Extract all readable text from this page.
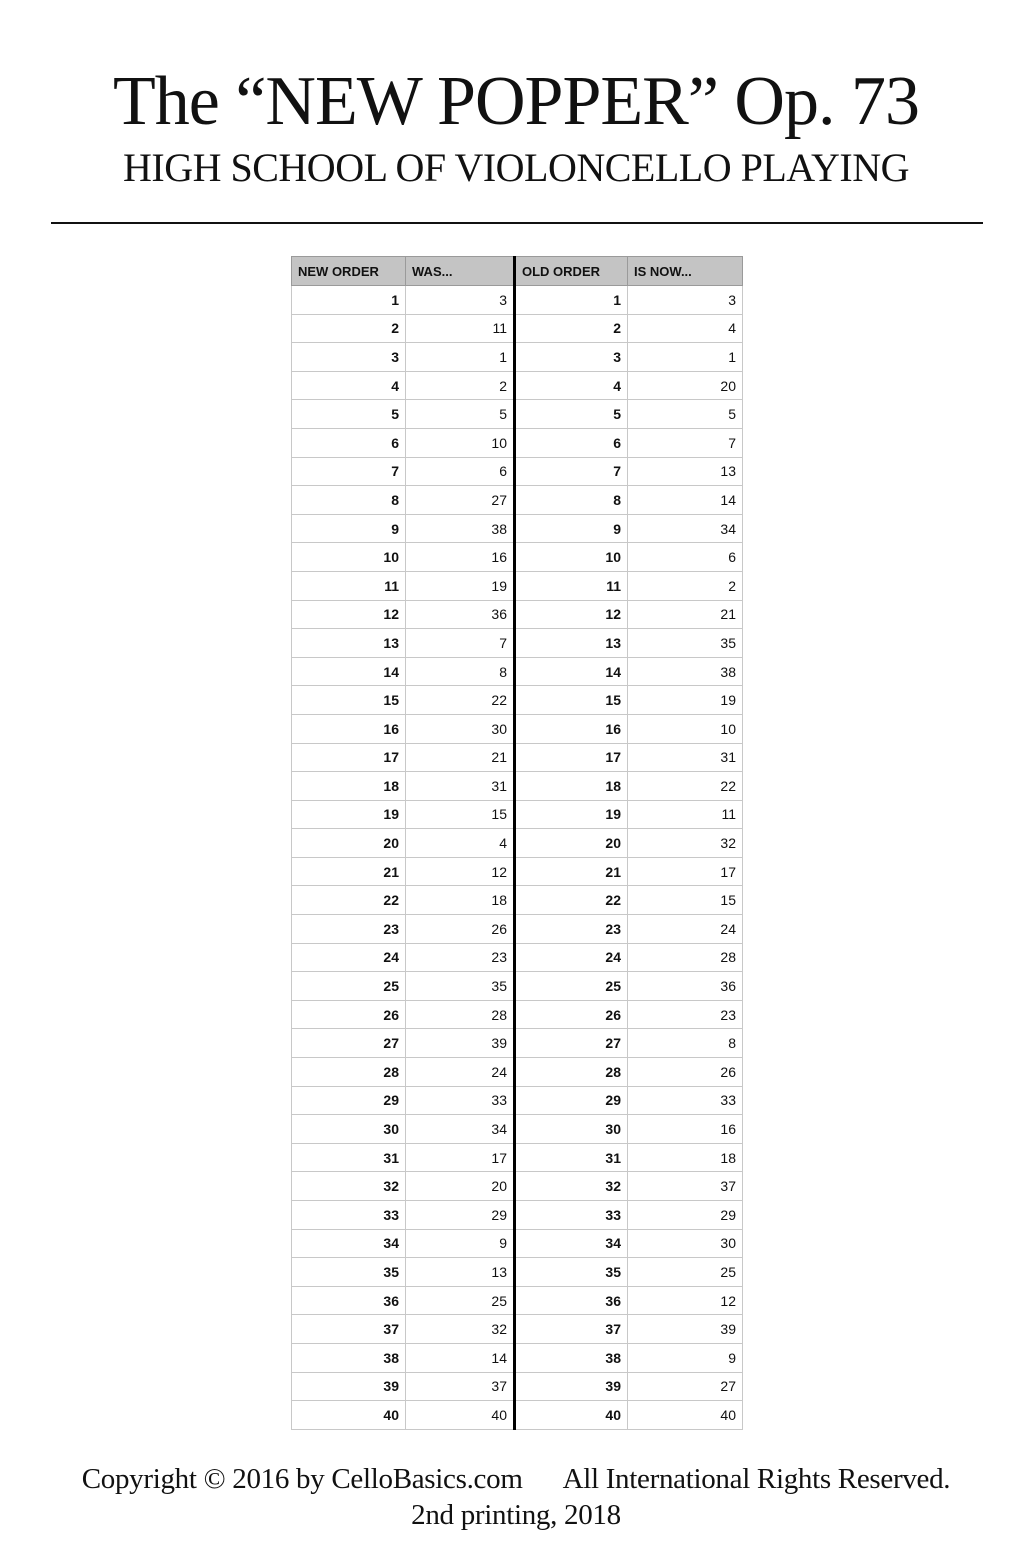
The “NEW POPPER” Op. 73
HIGH SCHOOL OF VIOLONCELLO PLAYING
NEW ORDER	WAS...	OLD ORDER	IS NOW...
1	3	1	3
2	11	2	4
3	1	3	1
4	2	4	20
5	5	5	5
6	10	6	7
7	6	7	13
8	27	8	14
9	38	9	34
10	16	10	6
11	19	11	2
12	36	12	21
13	7	13	35
14	8	14	38
15	22	15	19
16	30	16	10
17	21	17	31
18	31	18	22
19	15	19	11
20	4	20	32
21	12	21	17
22	18	22	15
23	26	23	24
24	23	24	28
25	35	25	36
26	28	26	23
27	39	27	8
28	24	28	26
29	33	29	33
30	34	30	16
31	17	31	18
32	20	32	37
33	29	33	29
34	9	34	30
35	13	35	25
36	25	36	12
37	32	37	39
38	14	38	9
39	37	39	27
40	40	40	40
Copyright © 2016 by CelloBasics.com All International Rights Reserved.
2nd printing, 2018
